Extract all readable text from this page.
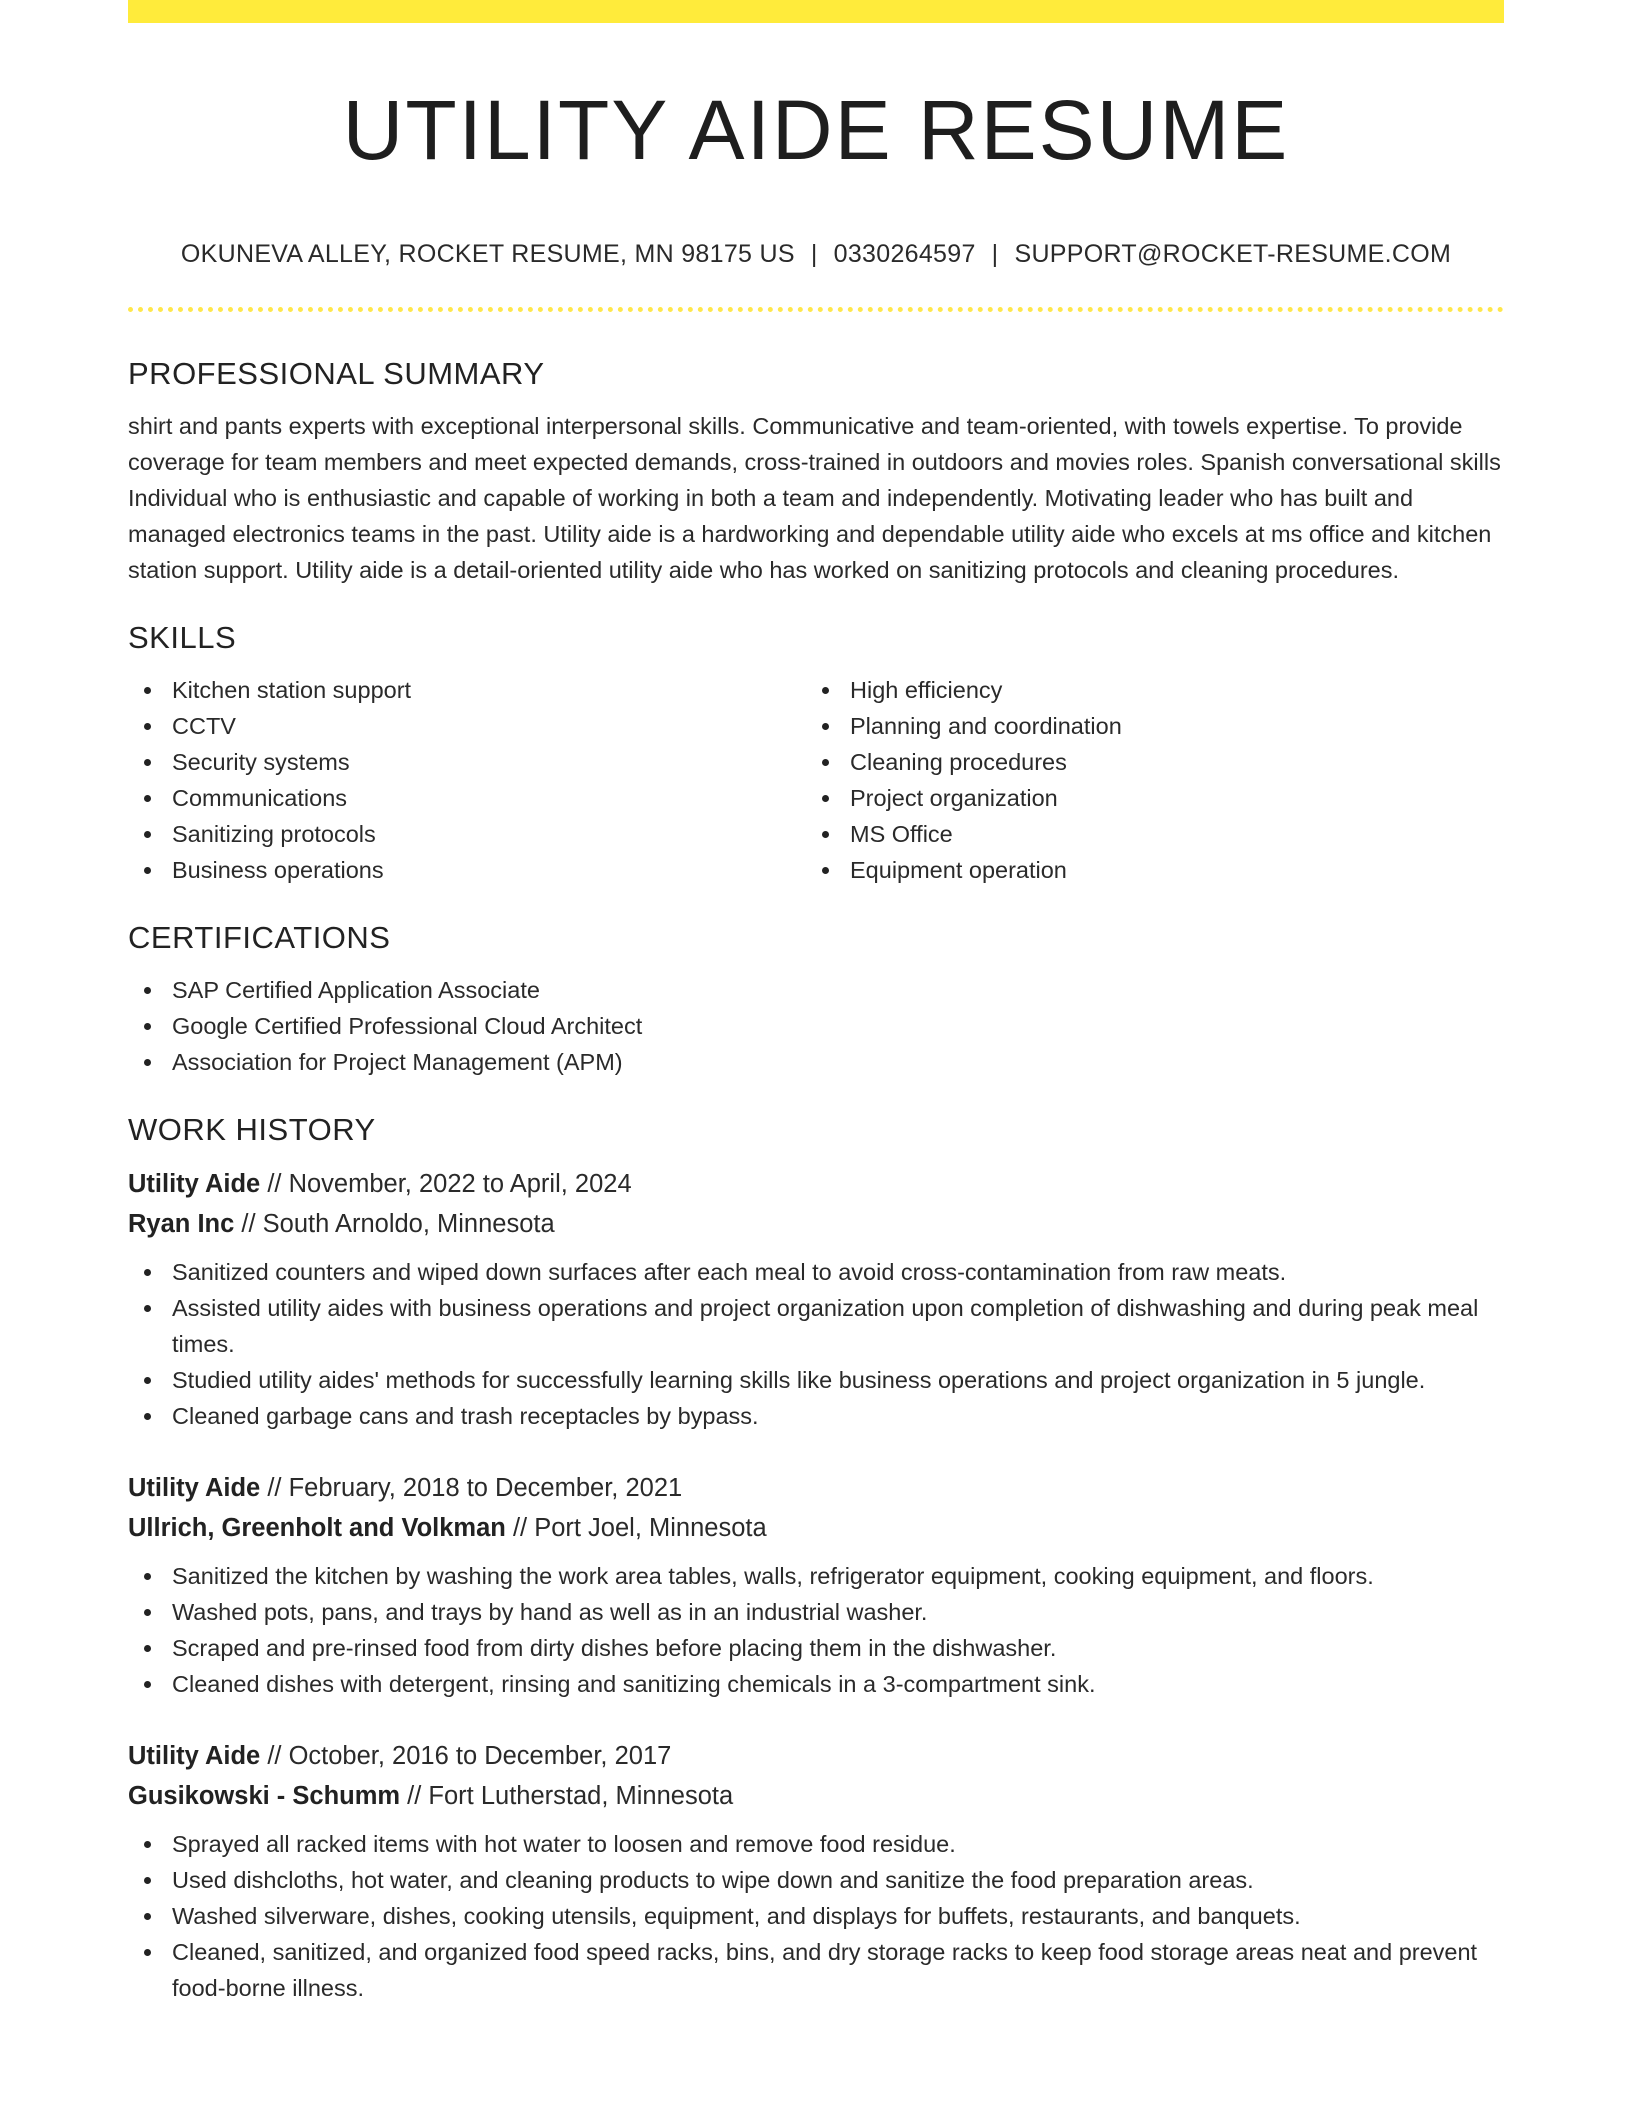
UTILITY AIDE RESUME
OKUNEVA ALLEY, ROCKET RESUME, MN 98175 US | 0330264597 | SUPPORT@ROCKET-RESUME.COM
PROFESSIONAL SUMMARY

shirt and pants experts with exceptional interpersonal skills. Communicative and team-oriented, with towels expertise. To provide coverage for team members and meet expected demands, cross-trained in outdoors and movies roles. Spanish conversational skills Individual who is enthusiastic and capable of working in both a team and independently. Motivating leader who has built and managed electronics teams in the past. Utility aide is a hardworking and dependable utility aide who excels at ms office and kitchen station support. Utility aide is a detail-oriented utility aide who has worked on sanitizing protocols and cleaning procedures.

SKILLS
Kitchen station support
CCTV
Security systems
Communications
Sanitizing protocols
Business operations
High efficiency
Planning and coordination
Cleaning procedures
Project organization
MS Office
Equipment operation
CERTIFICATIONS
SAP Certified Application Associate
Google Certified Professional Cloud Architect
Association for Project Management (APM)
WORK HISTORY
Utility Aide // November, 2022 to April, 2024
Ryan Inc // South Arnoldo, Minnesota
Sanitized counters and wiped down surfaces after each meal to avoid cross-contamination from raw meats.
Assisted utility aides with business operations and project organization upon completion of dishwashing and during peak meal times.
Studied utility aides' methods for successfully learning skills like business operations and project organization in 5 jungle.
Cleaned garbage cans and trash receptacles by bypass.
Utility Aide // February, 2018 to December, 2021
Ullrich, Greenholt and Volkman // Port Joel, Minnesota
Sanitized the kitchen by washing the work area tables, walls, refrigerator equipment, cooking equipment, and floors.
Washed pots, pans, and trays by hand as well as in an industrial washer.
Scraped and pre-rinsed food from dirty dishes before placing them in the dishwasher.
Cleaned dishes with detergent, rinsing and sanitizing chemicals in a 3-compartment sink.
Utility Aide // October, 2016 to December, 2017
Gusikowski - Schumm // Fort Lutherstad, Minnesota
Sprayed all racked items with hot water to loosen and remove food residue.
Used dishcloths, hot water, and cleaning products to wipe down and sanitize the food preparation areas.
Washed silverware, dishes, cooking utensils, equipment, and displays for buffets, restaurants, and banquets.
Cleaned, sanitized, and organized food speed racks, bins, and dry storage racks to keep food storage areas neat and prevent food-borne illness.
